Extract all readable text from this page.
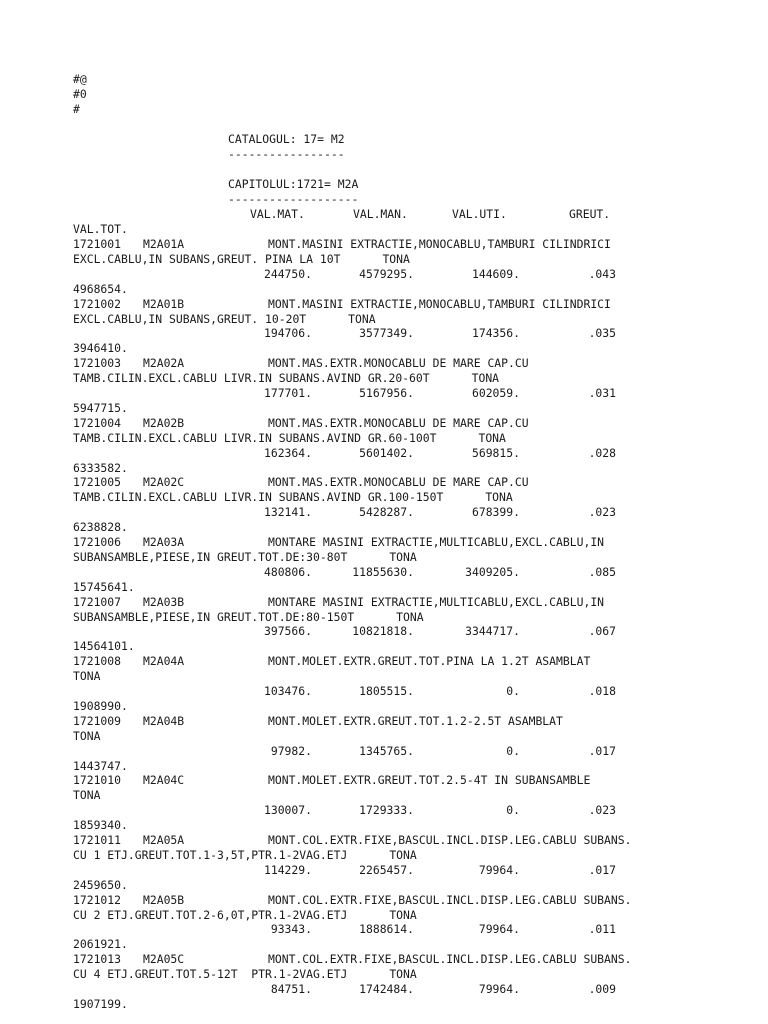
#@
#0
#
CATALOGUL: 17= M2
-----------------
CAPITOLUL:1721= M2A
-------------------
VAL.MAT.	VAL.MAN.	VAL.UTI.	GREUT.
VAL.TOT.
1721001 M2A01A	MONT.MASINI EXTRACTIE,MONOCABLU,TAMBURI CILINDRICI
EXCL.CABLU,IN SUBANS,GREUT. PINA LA 10T	TONA
244750.	4579295.	144609.	.043
4968654.
1721002 M2A01B	MONT.MASINI EXTRACTIE,MONOCABLU,TAMBURI CILINDRICI
EXCL.CABLU,IN SUBANS,GREUT. 10-20T	TONA
194706.	3577349.	174356.	.035
3946410.
1721003 M2A02A	MONT.MAS.EXTR.MONOCABLU DE MARE CAP.CU
TAMB.CILIN.EXCL.CABLU LIVR.IN SUBANS.AVIND GR.20-60T	TONA
177701.	5167956.	602059.	.031
5947715.
1721004 M2A02B	MONT.MAS.EXTR.MONOCABLU DE MARE CAP.CU
TAMB.CILIN.EXCL.CABLU LIVR.IN SUBANS.AVIND GR.60-100T	TONA
162364.	5601402.	569815.	.028
6333582.
1721005 M2A02C	MONT.MAS.EXTR.MONOCABLU DE MARE CAP.CU
TAMB.CILIN.EXCL.CABLU LIVR.IN SUBANS.AVIND GR.100-150T	TONA
132141.	5428287.	678399.	.023
6238828.
1721006 M2A03A	MONTARE MASINI EXTRACTIE,MULTICABLU,EXCL.CABLU,IN
SUBANSAMBLE,PIESE,IN GREUT.TOT.DE:30-80T	TONA
480806.	11855630.	3409205.	.085
15745641.
1721007 M2A03B	MONTARE MASINI EXTRACTIE,MULTICABLU,EXCL.CABLU,IN
SUBANSAMBLE,PIESE,IN GREUT.TOT.DE:80-150T	TONA
397566.	10821818.	3344717.	.067
14564101.
1721008 M2A04A	MONT.MOLET.EXTR.GREUT.TOT.PINA LA 1.2T ASAMBLAT
TONA
103476.	1805515.	0.	.018
1908990.
1721009 M2A04B	MONT.MOLET.EXTR.GREUT.TOT.1.2-2.5T ASAMBLAT
TONA
97982.	1345765.	0.	.017
1443747.
1721010 M2A04C	MONT.MOLET.EXTR.GREUT.TOT.2.5-4T IN SUBANSAMBLE
TONA
130007.	1729333.	0.	.023
1859340.
1721011 M2A05A	MONT.COL.EXTR.FIXE,BASCUL.INCL.DISP.LEG.CABLU SUBANS.
CU 1 ETJ.GREUT.TOT.1-3,5T,PTR.1-2VAG.ETJ	TONA
114229.	2265457.	79964.	.017
2459650.
1721012 M2A05B	MONT.COL.EXTR.FIXE,BASCUL.INCL.DISP.LEG.CABLU SUBANS.
CU 2 ETJ.GREUT.TOT.2-6,0T,PTR.1-2VAG.ETJ	TONA
93343.	1888614.	79964.	.011
2061921.
1721013 M2A05C	MONT.COL.EXTR.FIXE,BASCUL.INCL.DISP.LEG.CABLU SUBANS.
CU 4 ETJ.GREUT.TOT.5-12T  PTR.1-2VAG.ETJ	TONA
84751.	1742484.	79964.	.009
1907199.
